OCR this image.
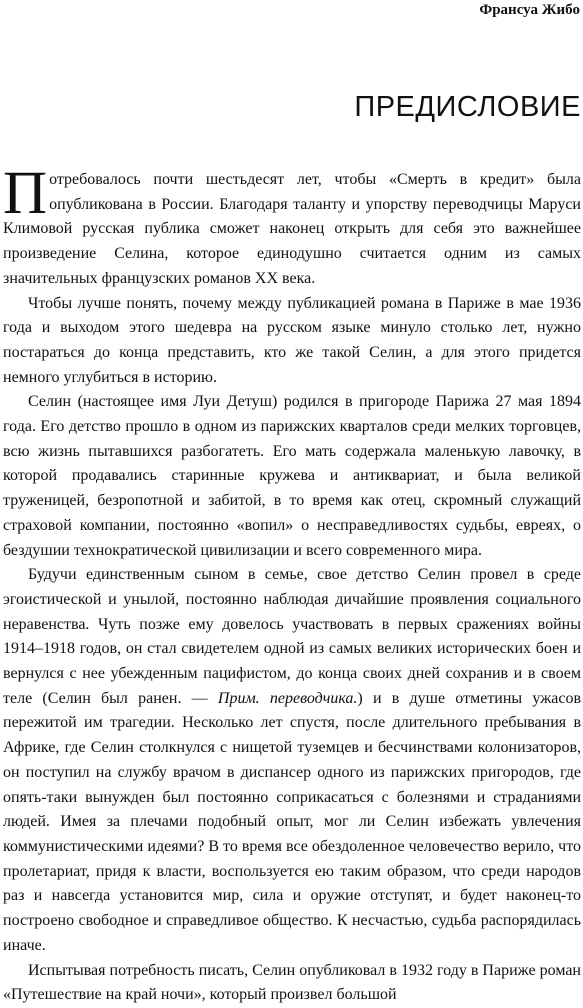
Франсуа Жибо

ПРЕДИСЛОВИЕ

Потребовалось почти шестьдесят лет, чтобы «Смерть в кредит» была опубликована в России. Благодаря таланту и упорству переводчицы Маруси Климовой русская публика сможет наконец открыть для себя это важнейшее произведение Селина, которое единодушно считается одним из самых значительных французских романов ХХ века.

Чтобы лучше понять, почему между публикацией романа в Париже в мае 1936 года и выходом этого шедевра на русском языке минуло столько лет, нужно постараться до конца представить, кто же такой Селин, а для этого придется немного углубиться в историю.

Селин (настоящее имя Луи Детуш) родился в пригороде Парижа 27 мая 1894 года. Его детство прошло в одном из парижских кварталов среди мелких торговцев, всю жизнь пытавшихся разбогатеть. Его мать содержала маленькую лавочку, в которой продавались старинные кружева и антиквариат, и была великой труженицей, безропотной и забитой, в то время как отец, скромный служащий страховой компании, постоянно «вопил» о несправедливостях судьбы, евреях, о бездушии технократической цивилизации и всего современного мира.

Будучи единственным сыном в семье, свое детство Селин провел в среде эгоистической и унылой, постоянно наблюдая дичайшие проявления социального неравенства. Чуть позже ему довелось участвовать в первых сражениях войны 1914–1918 годов, он стал свидетелем одной из самых великих исторических боен и вернулся с нее убежденным пацифистом, до конца своих дней сохранив и в своем теле (Селин был ранен. — Прим. переводчика.) и в душе отметины ужасов пережитой им трагедии. Несколько лет спустя, после длительного пребывания в Африке, где Селин столкнулся с нищетой туземцев и бесчинствами колонизаторов, он поступил на службу врачом в диспансер одного из парижских пригородов, где опять-таки вынужден был постоянно соприкасаться с болезнями и страданиями людей. Имея за плечами подобный опыт, мог ли Селин избежать увлечения коммунистическими идеями? В то время все обездоленное человечество верило, что пролетариат, придя к власти, воспользуется ею таким образом, что среди народов раз и навсегда установится мир, сила и оружие отступят, и будет наконец-то построено свободное и справедливое общество. К несчастью, судьба распорядилась иначе.

Испытывая потребность писать, Селин опубликовал в 1932 году в Париже роман «Путешествие на край ночи», который произвел большой
